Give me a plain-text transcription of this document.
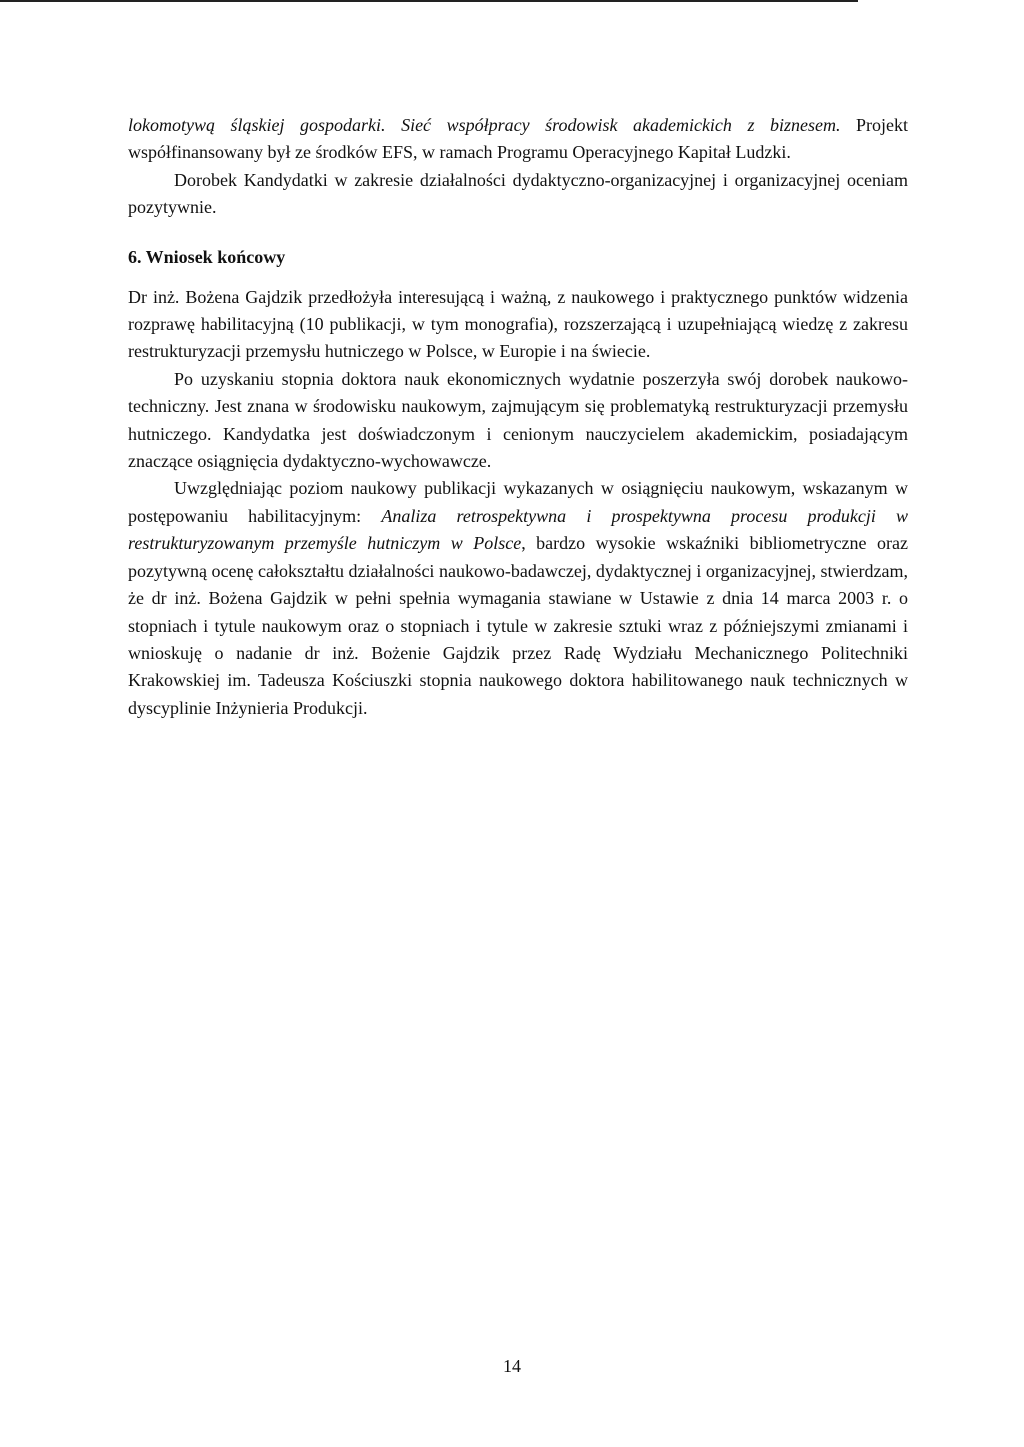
lokomotywą śląskiej gospodarki. Sieć współpracy środowisk akademickich z biznesem. Projekt współfinansowany był ze środków EFS, w ramach Programu Operacyjnego Kapitał Ludzki.

Dorobek Kandydatki w zakresie działalności dydaktyczno-organizacyjnej i organizacyjnej oceniam pozytywnie.

6. Wniosek końcowy

Dr inż. Bożena Gajdzik przedłożyła interesującą i ważną, z naukowego i praktycznego punktów widzenia rozprawę habilitacyjną (10 publikacji, w tym monografia), rozszerzającą i uzupełniającą wiedzę z zakresu restrukturyzacji przemysłu hutniczego w Polsce, w Europie i na świecie.

Po uzyskaniu stopnia doktora nauk ekonomicznych wydatnie poszerzyła swój dorobek naukowo-techniczny. Jest znana w środowisku naukowym, zajmującym się problematyką restrukturyzacji przemysłu hutniczego. Kandydatka jest doświadczonym i cenionym nauczycielem akademickim, posiadającym znaczące osiągnięcia dydaktyczno-wychowawcze.

Uwzględniając poziom naukowy publikacji wykazanych w osiągnięciu naukowym, wskazanym w postępowaniu habilitacyjnym: Analiza retrospektywna i prospektywna procesu produkcji w restrukturyzowanym przemyśle hutniczym w Polsce, bardzo wysokie wskaźniki bibliometryczne oraz pozytywną ocenę całokształtu działalności naukowo-badawczej, dydaktycznej i organizacyjnej, stwierdzam, że dr inż. Bożena Gajdzik w pełni spełnia wymagania stawiane w Ustawie z dnia 14 marca 2003 r. o stopniach i tytule naukowym oraz o stopniach i tytule w zakresie sztuki wraz z późniejszymi zmianami i wnioskuję o nadanie dr inż. Bożenie Gajdzik przez Radę Wydziału Mechanicznego Politechniki Krakowskiej im. Tadeusza Kościuszki stopnia naukowego doktora habilitowanego nauk technicznych w dyscyplinie Inżynieria Produkcji.

14
